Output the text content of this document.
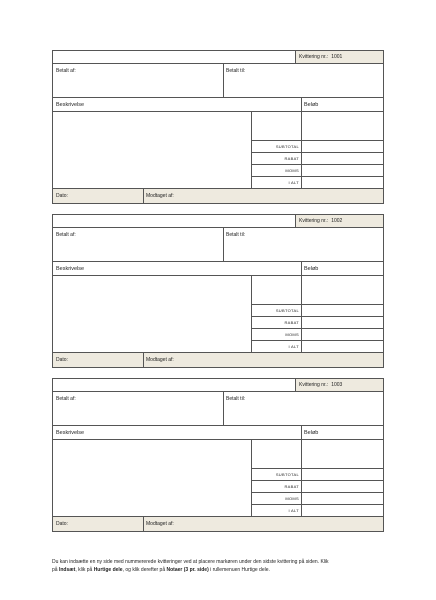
Kvittering nr.: 1001
Betalt af:	Betalt til:
Beskrivelse	Beløb
SUBTOTAL
RABAT
MOMS
I ALT
Dato:	Modtaget af:
Kvittering nr.: 1002
Betalt af:	Betalt til:
Beskrivelse	Beløb
SUBTOTAL
RABAT
MOMS
I ALT
Dato:	Modtaget af:
Kvittering nr.: 1003
Betalt af:	Betalt til:
Beskrivelse	Beløb
SUBTOTAL
RABAT
MOMS
I ALT
Dato:	Modtaget af:
Du kan indsætte en ny side med nummererede kvitteringer ved at placere markøren under den sidste kvittering på siden. Klik
på Indsæt, klik på Hurtige dele, og klik derefter på Notaer (3 pr. side) i rullemenuen Hurtige dele.
